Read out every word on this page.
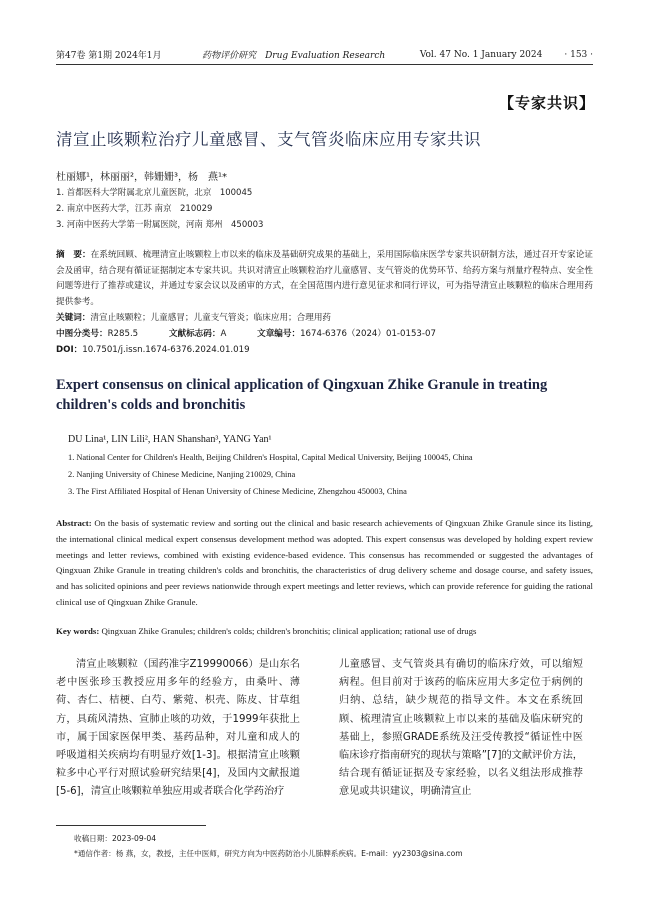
第47卷 第1期 2024年1月	药物评价研究 Drug Evaluation Research	Vol. 47 No. 1 January 2024 · 153 ·
【专家共识】
清宣止咳颗粒治疗儿童感冒、支气管炎临床应用专家共识
杜丽娜¹，林丽丽²，韩姗姗³，杨　燕¹*
1. 首都医科大学附属北京儿童医院，北京　100045
2. 南京中医药大学，江苏 南京　210029
3. 河南中医药大学第一附属医院，河南 郑州　450003
摘　要：在系统回顾、梳理清宣止咳颗粒上市以来的临床及基础研究成果的基础上，采用国际临床医学专家共识研制方法，通过召开专家论证会及函审，结合现有循证证据制定本专家共识。共识对清宣止咳颗粒治疗儿童感冒、支气管炎的优势环节、给药方案与剂量疗程特点、安全性问题等进行了推荐或建议，并通过专家会议以及函审的方式，在全国范围内进行意见征求和同行评议，可为指导清宣止咳颗粒的临床合理用药提供参考。
关键词：清宣止咳颗粒；儿童感冒；儿童支气管炎；临床应用；合理用药
中图分类号：R285.5	文献标志码：A	文章编号：1674-6376（2024）01-0153-07
DOI：10.7501/j.issn.1674-6376.2024.01.019
Expert consensus on clinical application of Qingxuan Zhike Granule in treating children's colds and bronchitis
DU Lina¹, LIN Lili², HAN Shanshan³, YANG Yan¹
1. National Center for Children's Health, Beijing Children's Hospital, Capital Medical University, Beijing 100045, China
2. Nanjing University of Chinese Medicine, Nanjing 210029, China
3. The First Affiliated Hospital of Henan University of Chinese Medicine, Zhengzhou 450003, China
Abstract: On the basis of systematic review and sorting out the clinical and basic research achievements of Qingxuan Zhike Granule since its listing, the international clinical medical expert consensus development method was adopted. This expert consensus was developed by holding expert review meetings and letter reviews, combined with existing evidence-based evidence. This consensus has recommended or suggested the advantages of Qingxuan Zhike Granule in treating children's colds and bronchitis, the characteristics of drug delivery scheme and dosage course, and safety issues, and has solicited opinions and peer reviews nationwide through expert meetings and letter reviews, which can provide reference for guiding the rational clinical use of Qingxuan Zhike Granule.
Key words: Qingxuan Zhike Granules; children's colds; children's bronchitis; clinical application; rational use of drugs
清宣止咳颗粒（国药准字Z19990066）是山东名老中医张珍玉教授应用多年的经验方，由桑叶、薄荷、杏仁、桔梗、白芍、紫菀、枳壳、陈皮、甘草组方，具疏风清热、宣肺止咳的功效，于1999年获批上市，属于国家医保甲类、基药品种，对儿童和成人的呼吸道相关疾病均有明显疗效[1-3]。根据清宣止咳颗粒多中心平行对照试验研究结果[4]，及国内文献报道[5-6]，清宣止咳颗粒单独应用或者联合化学药治疗
儿童感冒、支气管炎具有确切的临床疗效，可以缩短病程。但目前对于该药的临床应用大多定位于病例的归纳、总结，缺少规范的指导文件。本文在系统回顾、梳理清宣止咳颗粒上市以来的基础及临床研究的基础上，参照GRADE系统及汪受传教授“循证性中医临床诊疗指南研究的现状与策略”[7]的文献评价方法，结合现有循证证据及专家经验，以名义组法形成推荐意见或共识建议，明确清宣止
收稿日期：2023-09-04
*通信作者：杨 燕，女，教授，主任中医师，研究方向为中医药防治小儿肺脾系疾病。E-mail：yy2303@sina.com
